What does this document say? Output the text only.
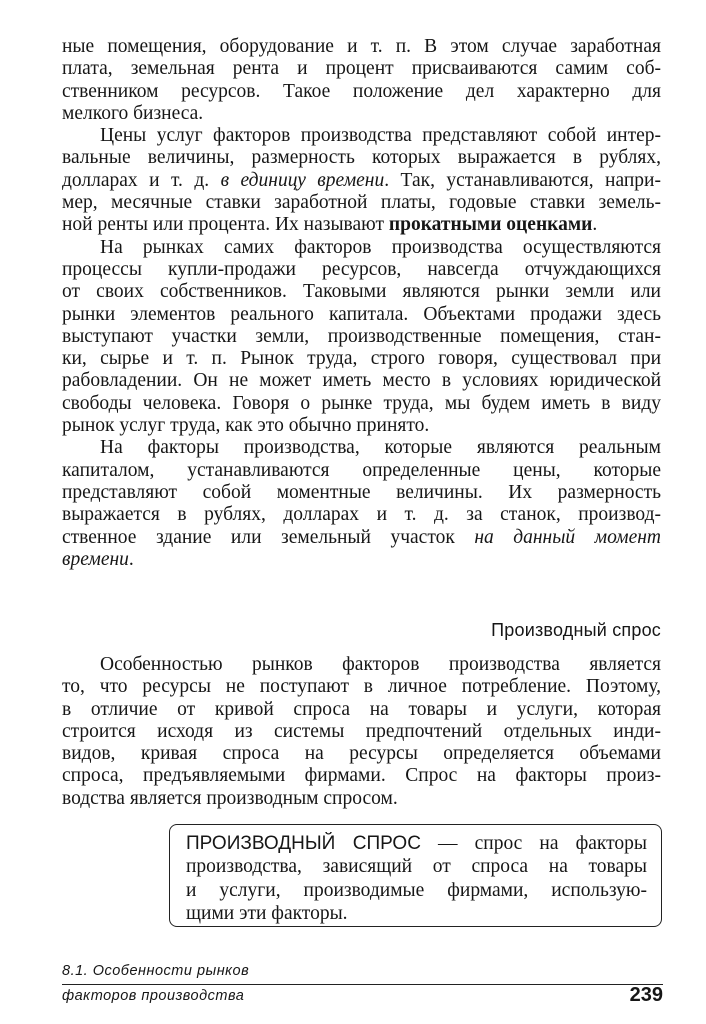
ные помещения, оборудование и т. п. В этом случае заработная
плата, земельная рента и процент присваиваются самим соб-
ственником ресурсов. Такое положение дел характерно для
мелкого бизнеса.
Цены услуг факторов производства представляют собой интер-
вальные величины, размерность которых выражается в рублях,
долларах и т. д. в единицу времени. Так, устанавливаются, напри-
мер, месячные ставки заработной платы, годовые ставки земель-
ной ренты или процента. Их называют прокатными оценками.
На рынках самих факторов производства осуществляются
процессы купли-продажи ресурсов, навсегда отчуждающихся
от своих собственников. Таковыми являются рынки земли или
рынки элементов реального капитала. Объектами продажи здесь
выступают участки земли, производственные помещения, стан-
ки, сырье и т. п. Рынок труда, строго говоря, существовал при
рабовладении. Он не может иметь место в условиях юридической
свободы человека. Говоря о рынке труда, мы будем иметь в виду
рынок услуг труда, как это обычно принято.
На факторы производства, которые являются реальным
капиталом, устанавливаются определенные цены, которые
представляют собой моментные величины. Их размерность
выражается в рублях, долларах и т. д. за станок, производ-
ственное здание или земельный участок на данный момент
времени.
Производный спрос
Особенностью рынков факторов производства является
то, что ресурсы не поступают в личное потребление. Поэтому,
в отличие от кривой спроса на товары и услуги, которая
строится исходя из системы предпочтений отдельных инди-
видов, кривая спроса на ресурсы определяется объемами
спроса, предъявляемыми фирмами. Спрос на факторы произ-
водства является производным спросом.
ПРОИЗВОДНЫЙ СПРОС — спрос на факторы
производства, зависящий от спроса на товары
и услуги, производимые фирмами, использую-
щими эти факторы.
8.1. Особенности рынков
факторов производства	239
